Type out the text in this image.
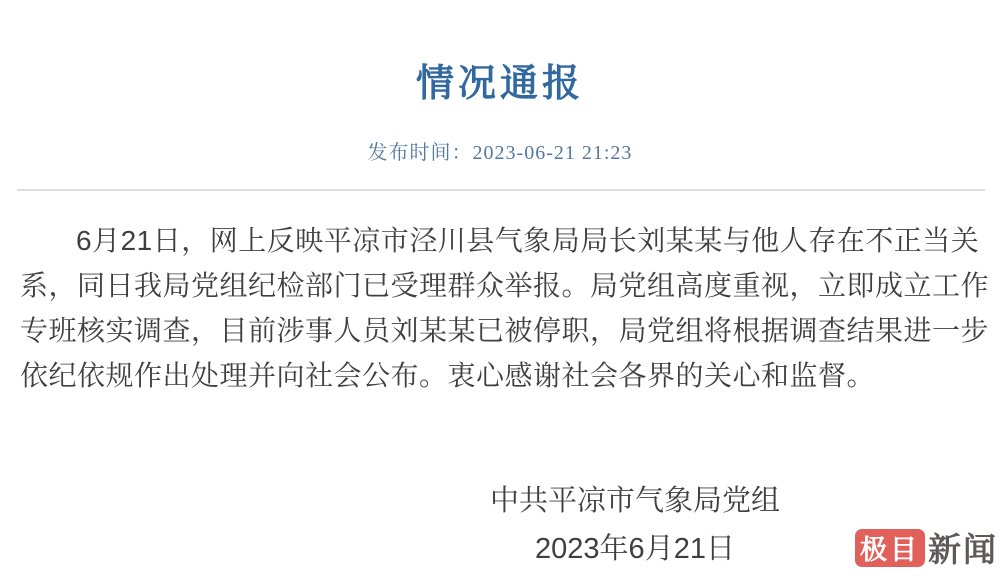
情况通报
发布时间：2023-06-21 21:23
6月21日，网上反映平凉市泾川县气象局局长刘某某与他人存在不正当关
系，同日我局党组纪检部门已受理群众举报。局党组高度重视，立即成立工作
专班核实调查，目前涉事人员刘某某已被停职，局党组将根据调查结果进一步
依纪依规作出处理并向社会公布。衷心感谢社会各界的关心和监督。
中共平凉市气象局党组
2023年6月21日	极目 新闻
